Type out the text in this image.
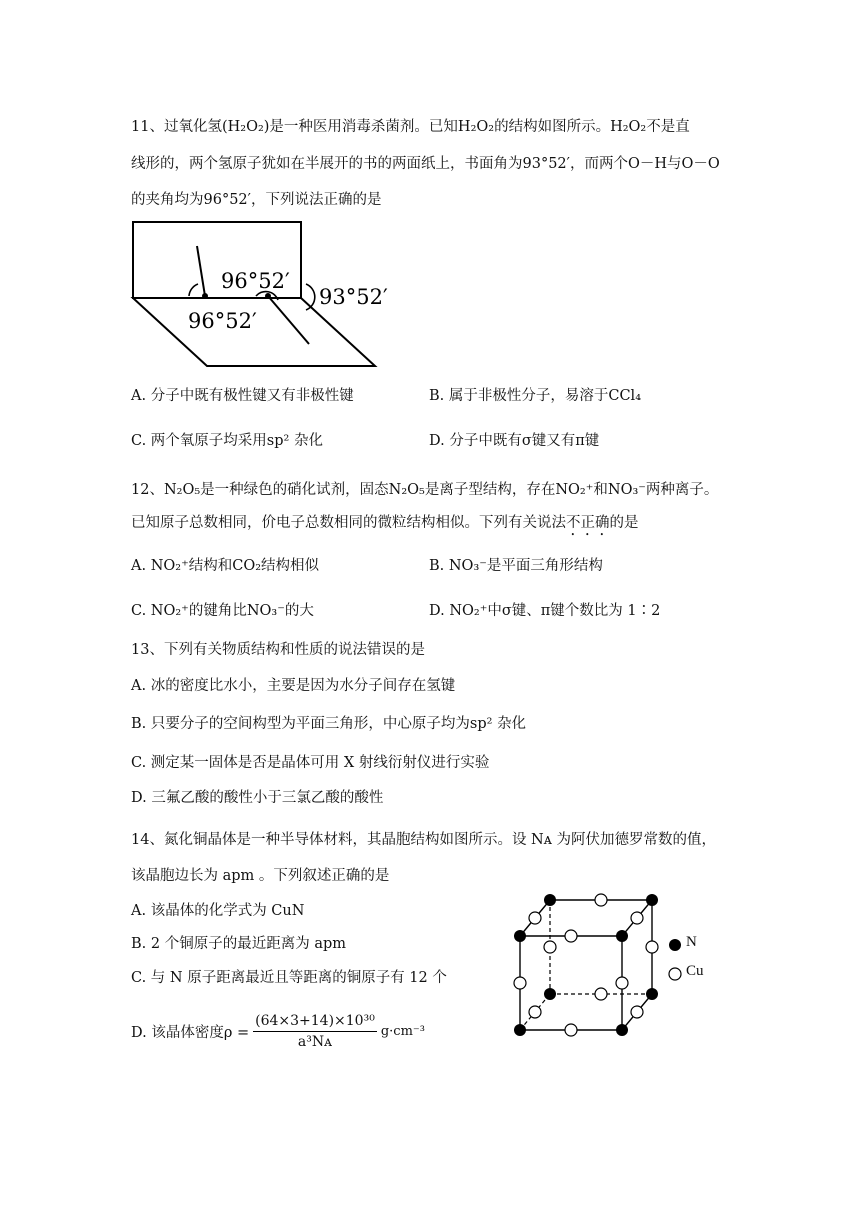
11、过氧化氢(H₂O₂)是一种医用消毒杀菌剂。已知H₂O₂的结构如图所示。H₂O₂不是直
线形的，两个氢原子犹如在半展开的书的两面纸上，书面角为93°52′，而两个O－H与O－O
的夹角均为96°52′，下列说法正确的是
96°52′
96°52′
93°52′
A. 分子中既有极性键又有非极性键	B. 属于非极性分子，易溶于CCl₄
C. 两个氧原子均采用sp² 杂化	D. 分子中既有σ键又有π键
12、N₂O₅是一种绿色的硝化试剂，固态N₂O₅是离子型结构，存在NO₂⁺和NO₃⁻两种离子。
已知原子总数相同，价电子总数相同的微粒结构相似。下列有关说法不正确的是
A. NO₂⁺结构和CO₂结构相似	B. NO₃⁻是平面三角形结构
C. NO₂⁺的键角比NO₃⁻的大	D. NO₂⁺中σ键、π键个数比为 1∶2
13、下列有关物质结构和性质的说法错误的是
A. 冰的密度比水小，主要是因为水分子间存在氢键
B. 只要分子的空间构型为平面三角形，中心原子均为sp² 杂化
C. 测定某一固体是否是晶体可用 X 射线衍射仪进行实验
D. 三氟乙酸的酸性小于三氯乙酸的酸性
14、氮化铜晶体是一种半导体材料，其晶胞结构如图所示。设 Nᴀ 为阿伏加德罗常数的值，
该晶胞边长为 apm 。下列叙述正确的是
A. 该晶体的化学式为 CuN
B. 2 个铜原子的最近距离为 apm
C. 与 N 原子距离最近且等距离的铜原子有 12 个
D. 该晶体密度ρ =
(64×3+14)×10³⁰
a³Nᴀ
g·cm⁻³
N
Cu
